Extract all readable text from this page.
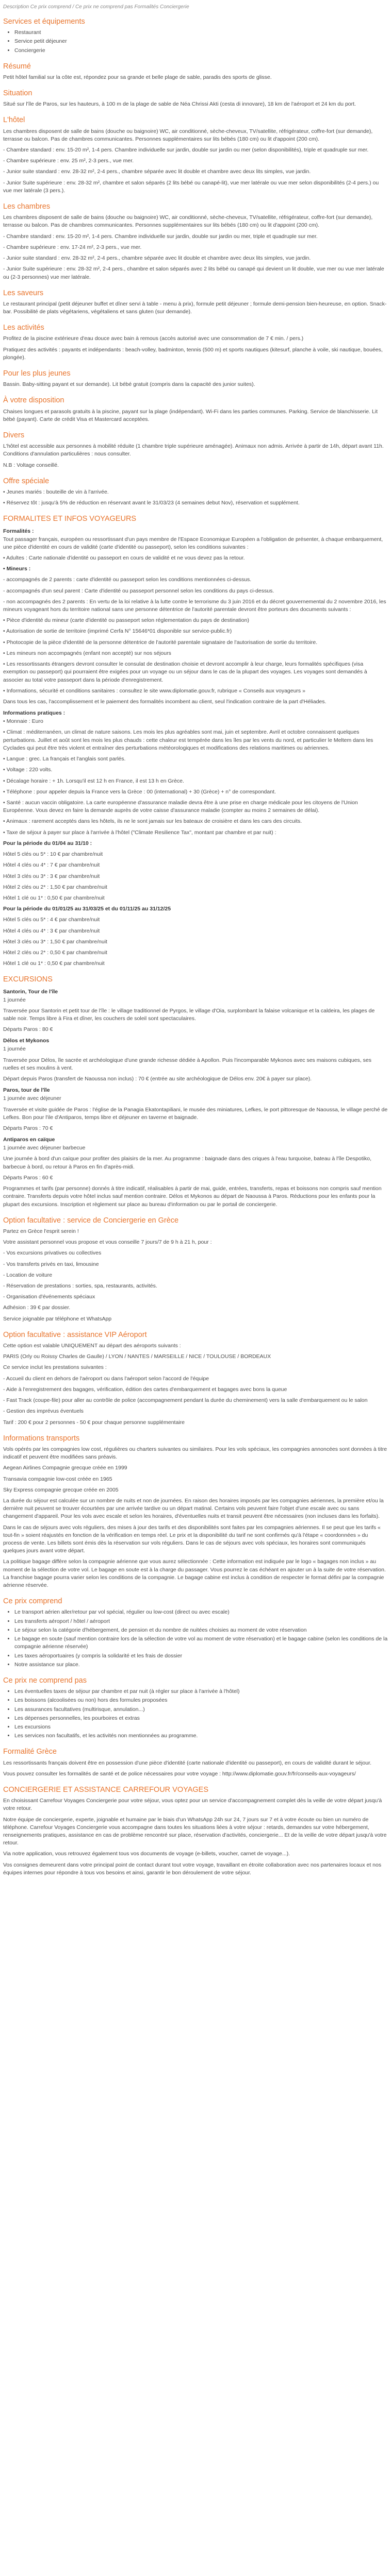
Description Ce prix comprend / Ce prix ne comprend pas Formalités Conciergerie

Services et équipements
• Restaurant
• Service petit déjeuner
• Conciergerie
Résumé

Petit hôtel familial sur la côte est, répondez pour sa grande et belle plage de sable, paradis des sports de glisse.

Situation

Situé sur l'île de Paros, sur les hauteurs, à 100 m de la plage de sable de Néa Chrissi Akti (cesta di innovare), 18 km de l'aéroport et 24 km du port.

L'hôtel

Les chambres disposent de salle de bains (douche ou baignoire) WC, air conditionné, sèche-cheveux, TV/satellite, réfrigérateur, coffre-fort (sur demande), terrasse ou balcon. Pas de chambres communicantes. Personnes supplémentaires sur lits bébés (180 cm) ou lit d'appoint (200 cm).

- Chambre standard : env. 15-20 m², 1-4 pers. Chambre individuelle sur jardin, double sur jardin ou mer (selon disponibilités), triple et quadruple sur mer.

- Chambre supérieure : env. 25 m², 2-3 pers., vue mer.

- Junior suite standard : env. 28-32 m², 2-4 pers., chambre séparée avec lit double et chambre avec deux lits simples, vue jardin.

- Junior Suite supérieure : env. 28-32 m², chambre et salon séparés (2 lits bébé ou canapé-lit), vue mer latérale ou vue mer selon disponibilités (2-4 pers.) ou vue mer latérale (3 pers.).

Les chambres

Les chambres disposent de salle de bains (douche ou baignoire) WC, air conditionné, sèche-cheveux, TV/satellite, réfrigérateur, coffre-fort (sur demande), terrasse ou balcon. Pas de chambres communicantes. Personnes supplémentaires sur lits bébés (180 cm) ou lit d'appoint (200 cm).

- Chambre standard : env. 15-20 m², 1-4 pers. Chambre individuelle sur jardin, double sur jardin ou mer, triple et quadruple sur mer.

- Chambre supérieure : env. 17-24 m², 2-3 pers., vue mer.

- Junior suite standard : env. 28-32 m², 2-4 pers., chambre séparée avec lit double et chambre avec deux lits simples, vue jardin.

- Junior Suite supérieure : env. 28-32 m², 2-4 pers., chambre et salon séparés avec 2 lits bébé ou canapé qui devient un lit double, vue mer ou vue mer latérale ou (2-3 personnes) vue mer latérale.

Les saveurs

Le restaurant principal (petit déjeuner buffet et dîner servi à table - menu à prix), formule petit déjeuner ; formule demi-pension bien-heureuse, en option. Snack-bar. Possibilité de plats végétariens, végétaliens et sans gluten (sur demande).

Les activités

Profitez de la piscine extérieure d'eau douce avec bain à remous (accès autorisé avec une consommation de 7 € min. / pers.)

Pratiquez des activités : payants et indépendants : beach-volley, badminton, tennis (500 m) et sports nautiques (kitesurf, planche à voile, ski nautique, bouées, plongée).

Pour les plus jeunes

Bassin. Baby-sitting payant et sur demande). Lit bébé gratuit (compris dans la capacité des junior suites).

À votre disposition

Chaises longues et parasols gratuits à la piscine, payant sur la plage (indépendant). Wi-Fi dans les parties communes. Parking. Service de blanchisserie. Lit bébé (payant). Carte de crédit Visa et Mastercard acceptées.

Divers

L'hôtel est accessible aux personnes à mobilité réduite (1 chambre triple supérieure aménagée). Animaux non admis. Arrivée à partir de 14h, départ avant 11h. Conditions d'annulation particulières : nous consulter.

N.B : Voltage conseillé.

Offre spéciale

• Jeunes mariés : bouteille de vin à l'arrivée.

• Réservez tôt : jusqu'à 5% de réduction en réservant avant le 31/03/23 (4 semaines debut Nov), réservation et supplément.

FORMALITES ET INFOS VOYAGEURS
Formalités :

Tout passager français, européen ou ressortissant d'un pays membre de l'Espace Economique Européen a l'obligation de présenter, à chaque embarquement, une pièce d'identité en cours de validité (carte d'identité ou passeport), selon les conditions suivantes :

• Adultes : Carte nationale d'identité ou passeport en cours de validité et ne vous devez pas la retour.

• Mineurs :

- accompagnés de 2 parents : carte d'identité ou passeport selon les conditions mentionnées ci-dessus.

- accompagnés d'un seul parent : Carte d'identité ou passeport personnel selon les conditions du pays ci-dessus.

- non accompagnés des 2 parents : En vertu de la loi relative à la lutte contre le terrorisme du 3 juin 2016 et du décret gouvernemental du 2 novembre 2016, les mineurs voyageant hors du territoire national sans une personne détentrice de l'autorité parentale devront être porteurs des documents suivants :

• Pièce d'identité du mineur (carte d'identité ou passeport selon réglementation du pays de destination)

• Autorisation de sortie de territoire (imprimé Cerfa N° 15646*01 disponible sur service-public.fr)

• Photocopie de la pièce d'identité de la personne détentrice de l'autorité parentale signataire de l'autorisation de sortie du territoire.

• Les mineurs non accompagnés (enfant non accepté) sur nos séjours

• Les ressortissants étrangers devront consulter le consulat de destination choisie et devront accomplir à leur charge, leurs formalités spécifiques (visa exemption ou passeport) qui pourraient être exigées pour un voyage ou un séjour dans le cas de la plupart des voyages. Les voyages sont demandés à associer au total votre passeport dans la période d'enregistrement.

• Informations, sécurité et conditions sanitaires : consultez le site www.diplomatie.gouv.fr, rubrique « Conseils aux voyageurs »

Dans tous les cas, l'accomplissement et le paiement des formalités incombent au client, seul l'indication contraire de la part d'Héliades.

Informations pratiques :

• Monnaie : Euro

• Climat : méditerranéen, un climat de nature saisons. Les mois les plus agréables sont mai, juin et septembre. Avril et octobre connaissent quelques perturbations. Juillet et août sont les mois les plus chauds : cette chaleur est tempérée dans les îles par les vents du nord, et particulier le Meltem dans les Cyclades qui peut être très violent et entraîner des perturbations météorologiques et modifications des relations maritimes ou aériennes.

• Langue : grec. La français et l'anglais sont parlés.

• Voltage : 220 volts.

• Décalage horaire : + 1h. Lorsqu'il est 12 h en France, il est 13 h en Grèce.

• Téléphone : pour appeler depuis la France vers la Grèce : 00 (international) + 30 (Grèce) + n° de correspondant.

• Santé : aucun vaccin obligatoire. La carte européenne d'assurance maladie devra être à une prise en charge médicale pour les citoyens de l'Union Européenne. Vous devez en faire la demande auprès de votre caisse d'assurance maladie (compter au moins 2 semaines de délai).

• Animaux : rarement acceptés dans les hôtels, ils ne le sont jamais sur les bateaux de croisière et dans les cars des circuits.

• Taxe de séjour à payer sur place à l'arrivée à l'hôtel ("Climate Resilience Tax", montant par chambre et par nuit) :

Pour la période du 01/04 au 31/10 :

Hôtel 5 clés ou 5* : 10 € par chambre/nuit

Hôtel 4 clés ou 4* : 7 € par chambre/nuit

Hôtel 3 clés ou 3* : 3 € par chambre/nuit

Hôtel 2 clés ou 2* : 1,50 € par chambre/nuit

Hôtel 1 clé ou 1* : 0,50 € par chambre/nuit

Pour la période du 01/01/25 au 31/03/25 et du 01/11/25 au 31/12/25

Hôtel 5 clés ou 5* : 4 € par chambre/nuit

Hôtel 4 clés ou 4* : 3 € par chambre/nuit

Hôtel 3 clés ou 3* : 1,50 € par chambre/nuit

Hôtel 2 clés ou 2* : 0,50 € par chambre/nuit

Hôtel 1 clé ou 1* : 0,50 € par chambre/nuit

EXCURSIONS
Santorin, Tour de l'île

1 journée

Traversée pour Santorin et petit tour de l'île : le village traditionnel de Pyrgos, le village d'Oia, surplombant la falaise volcanique et la caldeira, les plages de sable noir. Temps libre à Fira et dîner, les couchers de soleil sont spectaculaires.

Départs Paros : 80 €

Délos et Mykonos

1 journée

Traversée pour Délos, île sacrée et archéologique d'une grande richesse dédiée à Apollon. Puis l'incomparable Mykonos avec ses maisons cubiques, ses ruelles et ses moulins à vent.

Départ depuis Paros (transfert de Naoussa non inclus) : 70 € (entrée au site archéologique de Délos env. 20€ à payer sur place).

Paros, tour de l'île

1 journée avec déjeuner

Traversée et visite guidée de Paros : l'église de la Panagia Ekatontapiliani, le musée des miniatures, Lefkes, le port pittoresque de Naoussa, le village perché de Lefkes. Bon pour l'ile d'Antiparos, temps libre et déjeuner en taverne et baignade.

Départs Paros : 70 €

Antiparos en caïque

1 journée avec déjeuner barbecue

Une journée à bord d'un caïque pour profiter des plaisirs de la mer. Au programme : baignade dans des criques à l'eau turquoise, bateau à l'île Despotiko, barbecue à bord, ou retour à Paros en fin d'après-midi.

Départs Paros : 60 €

Programmes et tarifs (par personne) donnés à titre indicatif, réalisables à partir de mai, guide, entrées, transferts, repas et boissons non compris sauf mention contraire. Transferts depuis votre hôtel inclus sauf mention contraire. Délos et Mykonos au départ de Naoussa à Paros. Réductions pour les enfants pour la plupart des excursions. Inscription et règlement sur place au bureau d'information ou par le portail de conciergerie.

Option facultative : service de Conciergerie en Grèce

Partez en Grèce l'esprit serein !

Votre assistant personnel vous propose et vous conseille 7 jours/7 de 9 h à 21 h, pour :

- Vos excursions privatives ou collectives

- Vos transferts privés en taxi, limousine

- Location de voiture

- Réservation de prestations : sorties, spa, restaurants, activités.

- Organisation d'événements spéciaux

Adhésion : 39 € par dossier.

Service joignable par téléphone et WhatsApp

Option facultative : assistance VIP Aéroport

Cette option est valable UNIQUEMENT au départ des aéroports suivants :

PARIS (Orly ou Roissy Charles de Gaulle) / LYON / NANTES / MARSEILLE / NICE / TOULOUSE / BORDEAUX

Ce service inclut les prestations suivantes :

- Accueil du client en dehors de l'aéroport ou dans l'aéroport selon l'accord de l'équipe

- Aide à l'enregistrement des bagages, vérification, édition des cartes d'embarquement et bagages avec bons la queue

- Fast Track (coupe-file) pour aller au contrôle de police (accompagnement pendant la durée du cheminement) vers la salle d'embarquement ou le salon

- Gestion des imprévus éventuels

Tarif : 200 € pour 2 personnes - 50 € pour chaque personne supplémentaire

Informations transports

Vols opérés par les compagnies low cost, régulières ou charters suivantes ou similaires. Pour les vols spéciaux, les compagnies annoncées sont données à titre indicatif et peuvent être modifiées sans préavis.

Aegean Airlines Compagnie grecque créée en 1999

Transavia compagnie low-cost créée en 1965

Sky Express compagnie grecque créée en 2005

La durée du séjour est calculée sur un nombre de nuits et non de journées. En raison des horaires imposés par les compagnies aériennes, la première et/ou la dernière nuit peuvent se trouver écourtées par une arrivée tardive ou un départ matinal. Certains vols peuvent faire l'objet d'une escale avec ou sans changement d'appareil. Pour les vols avec escale et selon les horaires, d'éventuelles nuits et transit peuvent être nécessaires (non incluses dans les forfaits).

Dans le cas de séjours avec vols réguliers, des mises à jour des tarifs et des disponibilités sont faites par les compagnies aériennes. Il se peut que les tarifs « tout-fin » soient réajustés en fonction de la vérification en temps réel. Le prix et la disponibilité du tarif ne sont confirmés qu'à l'étape « coordonnées » du process de vente. Les billets sont émis dès la réservation sur vols réguliers. Dans le cas de séjours avec vols spéciaux, les horaires sont communiqués quelques jours avant votre départ.

La politique bagage diffère selon la compagnie aérienne que vous aurez sélectionnée : Cette information est indiquée par le logo « bagages non inclus » au moment de la sélection de votre vol. Le bagage en soute est à la charge du passager. Vous pourrez le cas échéant en ajouter un à la suite de votre réservation. La franchise bagage pourra varier selon les conditions de la compagnie. Le bagage cabine est inclus à condition de respecter le format défini par la compagnie aérienne réservée.

Ce prix comprend
• Le transport aérien aller/retour par vol spécial, régulier ou low-cost (direct ou avec escale)
• Les transferts aéroport / hôtel / aéroport
• Le séjour selon la catégorie d'hébergement, de pension et du nombre de nuitées choisies au moment de votre réservation
• Le bagage en soute (sauf mention contraire lors de la sélection de votre vol au moment de votre réservation) et le bagage cabine (selon les conditions de la compagnie aérienne réservée)
• Les taxes aéroportuaires (y compris la solidarité et les frais de dossier
• Notre assistance sur place.
Ce prix ne comprend pas
• Les éventuelles taxes de séjour par chambre et par nuit (à régler sur place à l'arrivée à l'hôtel)
• Les boissons (alcoolisées ou non) hors des formules proposées
• Les assurances facultatives (multirisque, annulation...)
• Les dépenses personnelles, les pourboires et extras
• Les excursions
• Les services non facultatifs, et les activités non mentionnées au programme.
Formalité Grèce

Les ressortissants français doivent être en possession d'une pièce d'identité (carte nationale d'identité ou passeport), en cours de validité durant le séjour.

Vous pouvez consulter les formalités de santé et de police nécessaires pour votre voyage : http://www.diplomatie.gouv.fr/fr/conseils-aux-voyageurs/

CONCIERGERIE ET ASSISTANCE CARREFOUR VOYAGES

En choisissant Carrefour Voyages Conciergerie pour votre séjour, vous optez pour un service d'accompagnement complet dès la veille de votre départ jusqu'à votre retour.

Notre équipe de conciergerie, experte, joignable et humaine par le biais d'un WhatsApp 24h sur 24, 7 jours sur 7 et à votre écoute ou bien un numéro de téléphone. Carrefour Voyages Conciergerie vous accompagne dans toutes les situations liées à votre séjour : retards, demandes sur votre hébergement, renseignements pratiques, assistance en cas de problème rencontré sur place, réservation d'activités, conciergerie... Et de la veille de votre départ jusqu'à votre retour.

Via notre application, vous retrouvez également tous vos documents de voyage (e-billets, voucher, carnet de voyage...).

Vos consignes demeurent dans votre principal point de contact durant tout votre voyage, travaillant en étroite collaboration avec nos partenaires locaux et nos équipes internes pour répondre à tous vos besoins et ainsi, garantir le bon déroulement de votre séjour.
